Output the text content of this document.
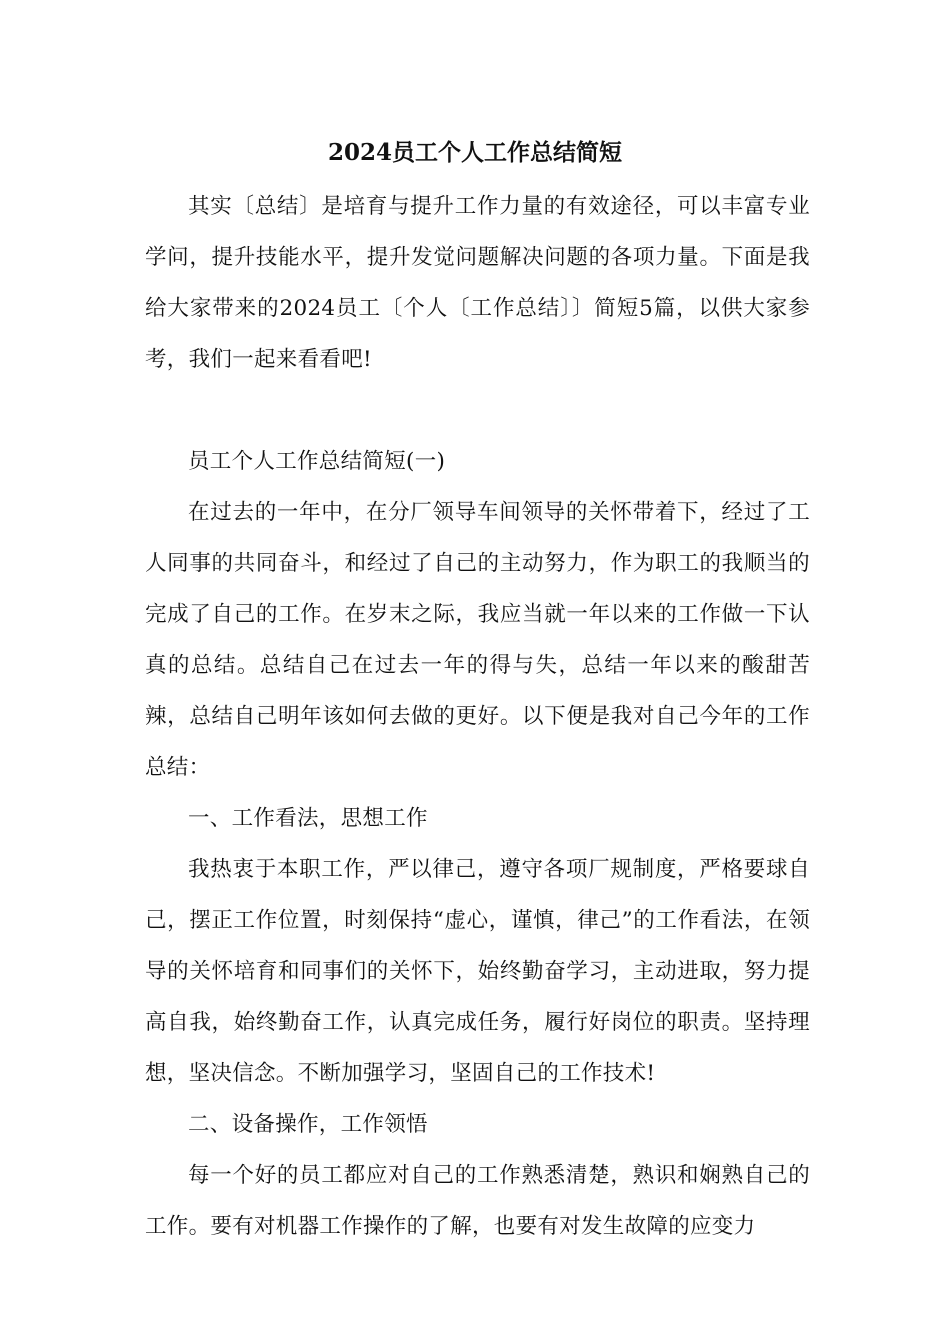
2024员工个人工作总结简短

其实〔总结〕是培育与提升工作力量的有效途径，可以丰富专业学问，提升技能水平，提升发觉问题解决问题的各项力量。下面是我给大家带来的2024员工〔个人〔工作总结〕〕简短5篇，以供大家参考，我们一起来看看吧!

员工个人工作总结简短(一)

在过去的一年中，在分厂领导车间领导的关怀带着下，经过了工人同事的共同奋斗，和经过了自己的主动努力，作为职工的我顺当的完成了自己的工作。在岁末之际，我应当就一年以来的工作做一下认真的总结。总结自己在过去一年的得与失，总结一年以来的酸甜苦辣，总结自己明年该如何去做的更好。以下便是我对自己今年的工作总结：

一、工作看法，思想工作

我热衷于本职工作，严以律己，遵守各项厂规制度，严格要球自己，摆正工作位置，时刻保持“虚心，谨慎，律己”的工作看法，在领导的关怀培育和同事们的关怀下，始终勤奋学习，主动进取，努力提高自我，始终勤奋工作，认真完成任务，履行好岗位的职责。坚持理想，坚决信念。不断加强学习，坚固自己的工作技术!

二、设备操作，工作领悟

每一个好的员工都应对自己的工作熟悉清楚，熟识和娴熟自己的工作。要有对机器工作操作的了解，也要有对发生故障的应变力
